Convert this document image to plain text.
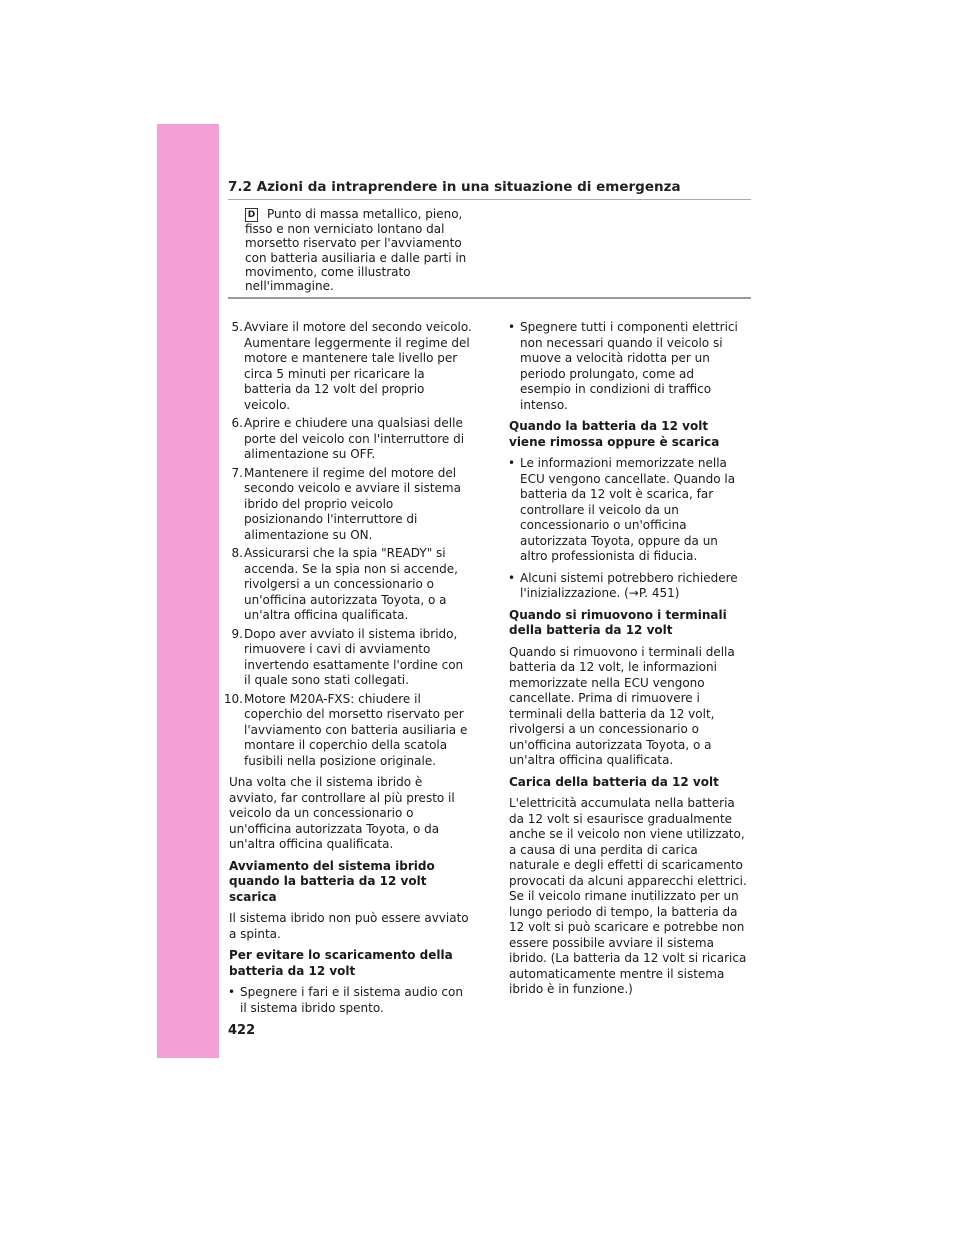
7.2 Azioni da intraprendere in una situazione di emergenza
D Punto di massa metallico, pieno, fisso e non verniciato lontano dal morsetto riservato per l'avviamento con batteria ausiliaria e dalle parti in movimento, come illustrato nell'immagine.
5. Avviare il motore del secondo veicolo. Aumentare leggermente il regime del motore e mantenere tale livello per circa 5 minuti per ricaricare la batteria da 12 volt del proprio veicolo.
6. Aprire e chiudere una qualsiasi delle porte del veicolo con l'interruttore di alimentazione su OFF.
7. Mantenere il regime del motore del secondo veicolo e avviare il sistema ibrido del proprio veicolo posizionando l'interruttore di alimentazione su ON.
8. Assicurarsi che la spia "READY" si accenda. Se la spia non si accende, rivolgersi a un concessionario o un'officina autorizzata Toyota, o a un'altra officina qualificata.
9. Dopo aver avviato il sistema ibrido, rimuovere i cavi di avviamento invertendo esattamente l'ordine con il quale sono stati collegati.
10. Motore M20A-FXS: chiudere il coperchio del morsetto riservato per l'avviamento con batteria ausiliaria e montare il coperchio della scatola fusibili nella posizione originale.

Una volta che il sistema ibrido è avviato, far controllare al più presto il veicolo da un concessionario o un'officina autorizzata Toyota, o da un'altra officina qualificata.

Avviamento del sistema ibrido quando la batteria da 12 volt scarica

Il sistema ibrido non può essere avviato a spinta.

Per evitare lo scaricamento della batteria da 12 volt

• Spegnere i fari e il sistema audio con il sistema ibrido spento.
• Spegnere tutti i componenti elettrici non necessari quando il veicolo si muove a velocità ridotta per un periodo prolungato, come ad esempio in condizioni di traffico intenso.

Quando la batteria da 12 volt viene rimossa oppure è scarica

• Le informazioni memorizzate nella ECU vengono cancellate. Quando la batteria da 12 volt è scarica, far controllare il veicolo da un concessionario o un'officina autorizzata Toyota, oppure da un altro professionista di fiducia.
• Alcuni sistemi potrebbero richiedere l'inizializzazione. (→P. 451)

Quando si rimuovono i terminali della batteria da 12 volt

Quando si rimuovono i terminali della batteria da 12 volt, le informazioni memorizzate nella ECU vengono cancellate. Prima di rimuovere i terminali della batteria da 12 volt, rivolgersi a un concessionario o un'officina autorizzata Toyota, o a un'altra officina qualificata.

Carica della batteria da 12 volt

L'elettricità accumulata nella batteria da 12 volt si esaurisce gradualmente anche se il veicolo non viene utilizzato, a causa di una perdita di carica naturale e degli effetti di scaricamento provocati da alcuni apparecchi elettrici. Se il veicolo rimane inutilizzato per un lungo periodo di tempo, la batteria da 12 volt si può scaricare e potrebbe non essere possibile avviare il sistema ibrido. (La batteria da 12 volt si ricarica automaticamente mentre il sistema ibrido è in funzione.)

422
